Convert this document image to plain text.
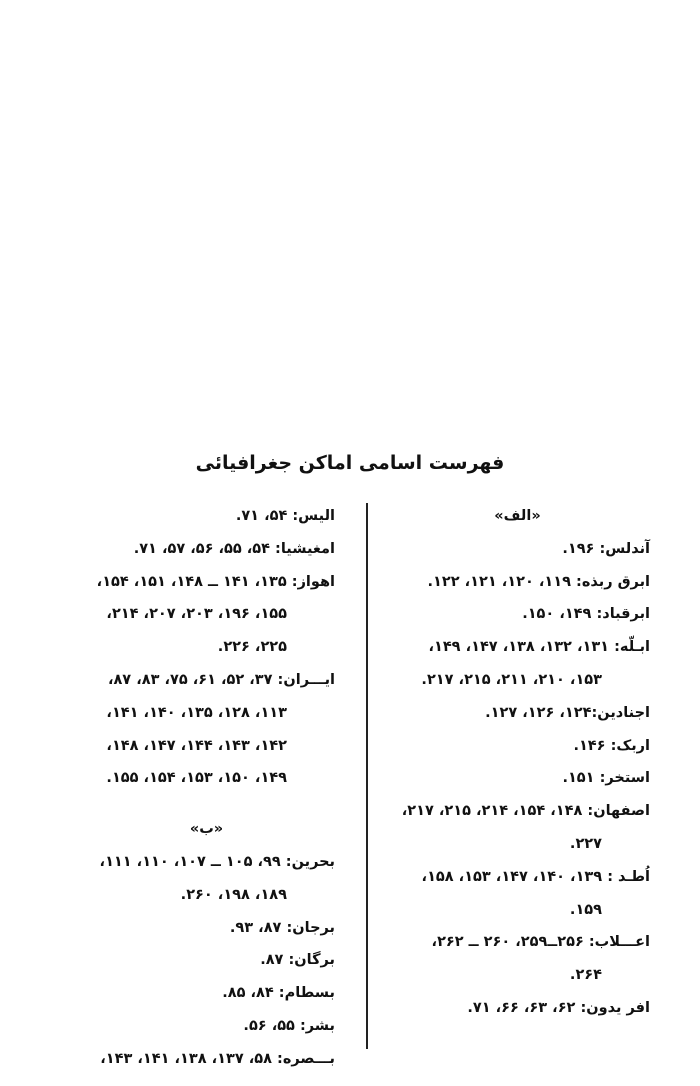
فهرست اسامی اماکن جغرافیائی
«الف»
آندلس: ۱۹۶.
ابرق ربذه: ۱۱۹، ۱۲۰، ۱۲۱، ۱۲۲.
ابرقباد: ۱۴۹، ۱۵۰.
ابـلّه: ۱۳۱، ۱۳۲، ۱۳۸، ۱۴۷، ۱۴۹،
۱۵۳، ۲۱۰، ۲۱۱، ۲۱۵، ۲۱۷.
اجنادین:۱۲۴، ۱۲۶، ۱۲۷.
اربک: ۱۴۶.
استخر: ۱۵۱.
اصفهان: ۱۴۸، ۱۵۴، ۲۱۴، ۲۱۵، ۲۱۷،
۲۲۷.
اُطـد : ۱۳۹، ۱۴۰، ۱۴۷، ۱۵۳، ۱۵۸،
۱۵۹.
اعـــلاب: ۲۵۶ــ۲۵۹، ۲۶۰ ــ ۲۶۲،
۲۶۴.
افر یدون: ۶۲، ۶۳، ۶۶، ۷۱.
الیس: ۵۴، ۷۱.
امغیشیا: ۵۴، ۵۵، ۵۶، ۵۷، ۷۱.
اهواز: ۱۳۵، ۱۴۱ ــ ۱۴۸، ۱۵۱، ۱۵۴،
۱۵۵، ۱۹۶، ۲۰۳، ۲۰۷، ۲۱۴،
۲۲۵، ۲۲۶.
ایـــران: ۳۷، ۵۲، ۶۱، ۷۵، ۸۳، ۸۷،
۱۱۳، ۱۲۸، ۱۳۵، ۱۴۰، ۱۴۱،
۱۴۲، ۱۴۳، ۱۴۴، ۱۴۷، ۱۴۸،
۱۴۹، ۱۵۰، ۱۵۳، ۱۵۴، ۱۵۵.
«ب»
بحرین: ۹۹، ۱۰۵ ــ ۱۰۷، ۱۱۰، ۱۱۱،
۱۸۹، ۱۹۸، ۲۶۰.
برجان: ۸۷، ۹۳.
برگان: ۸۷.
بسطام: ۸۴، ۸۵.
بشر: ۵۵، ۵۶.
بـــصره: ۵۸، ۱۳۷، ۱۳۸، ۱۴۱، ۱۴۳،
